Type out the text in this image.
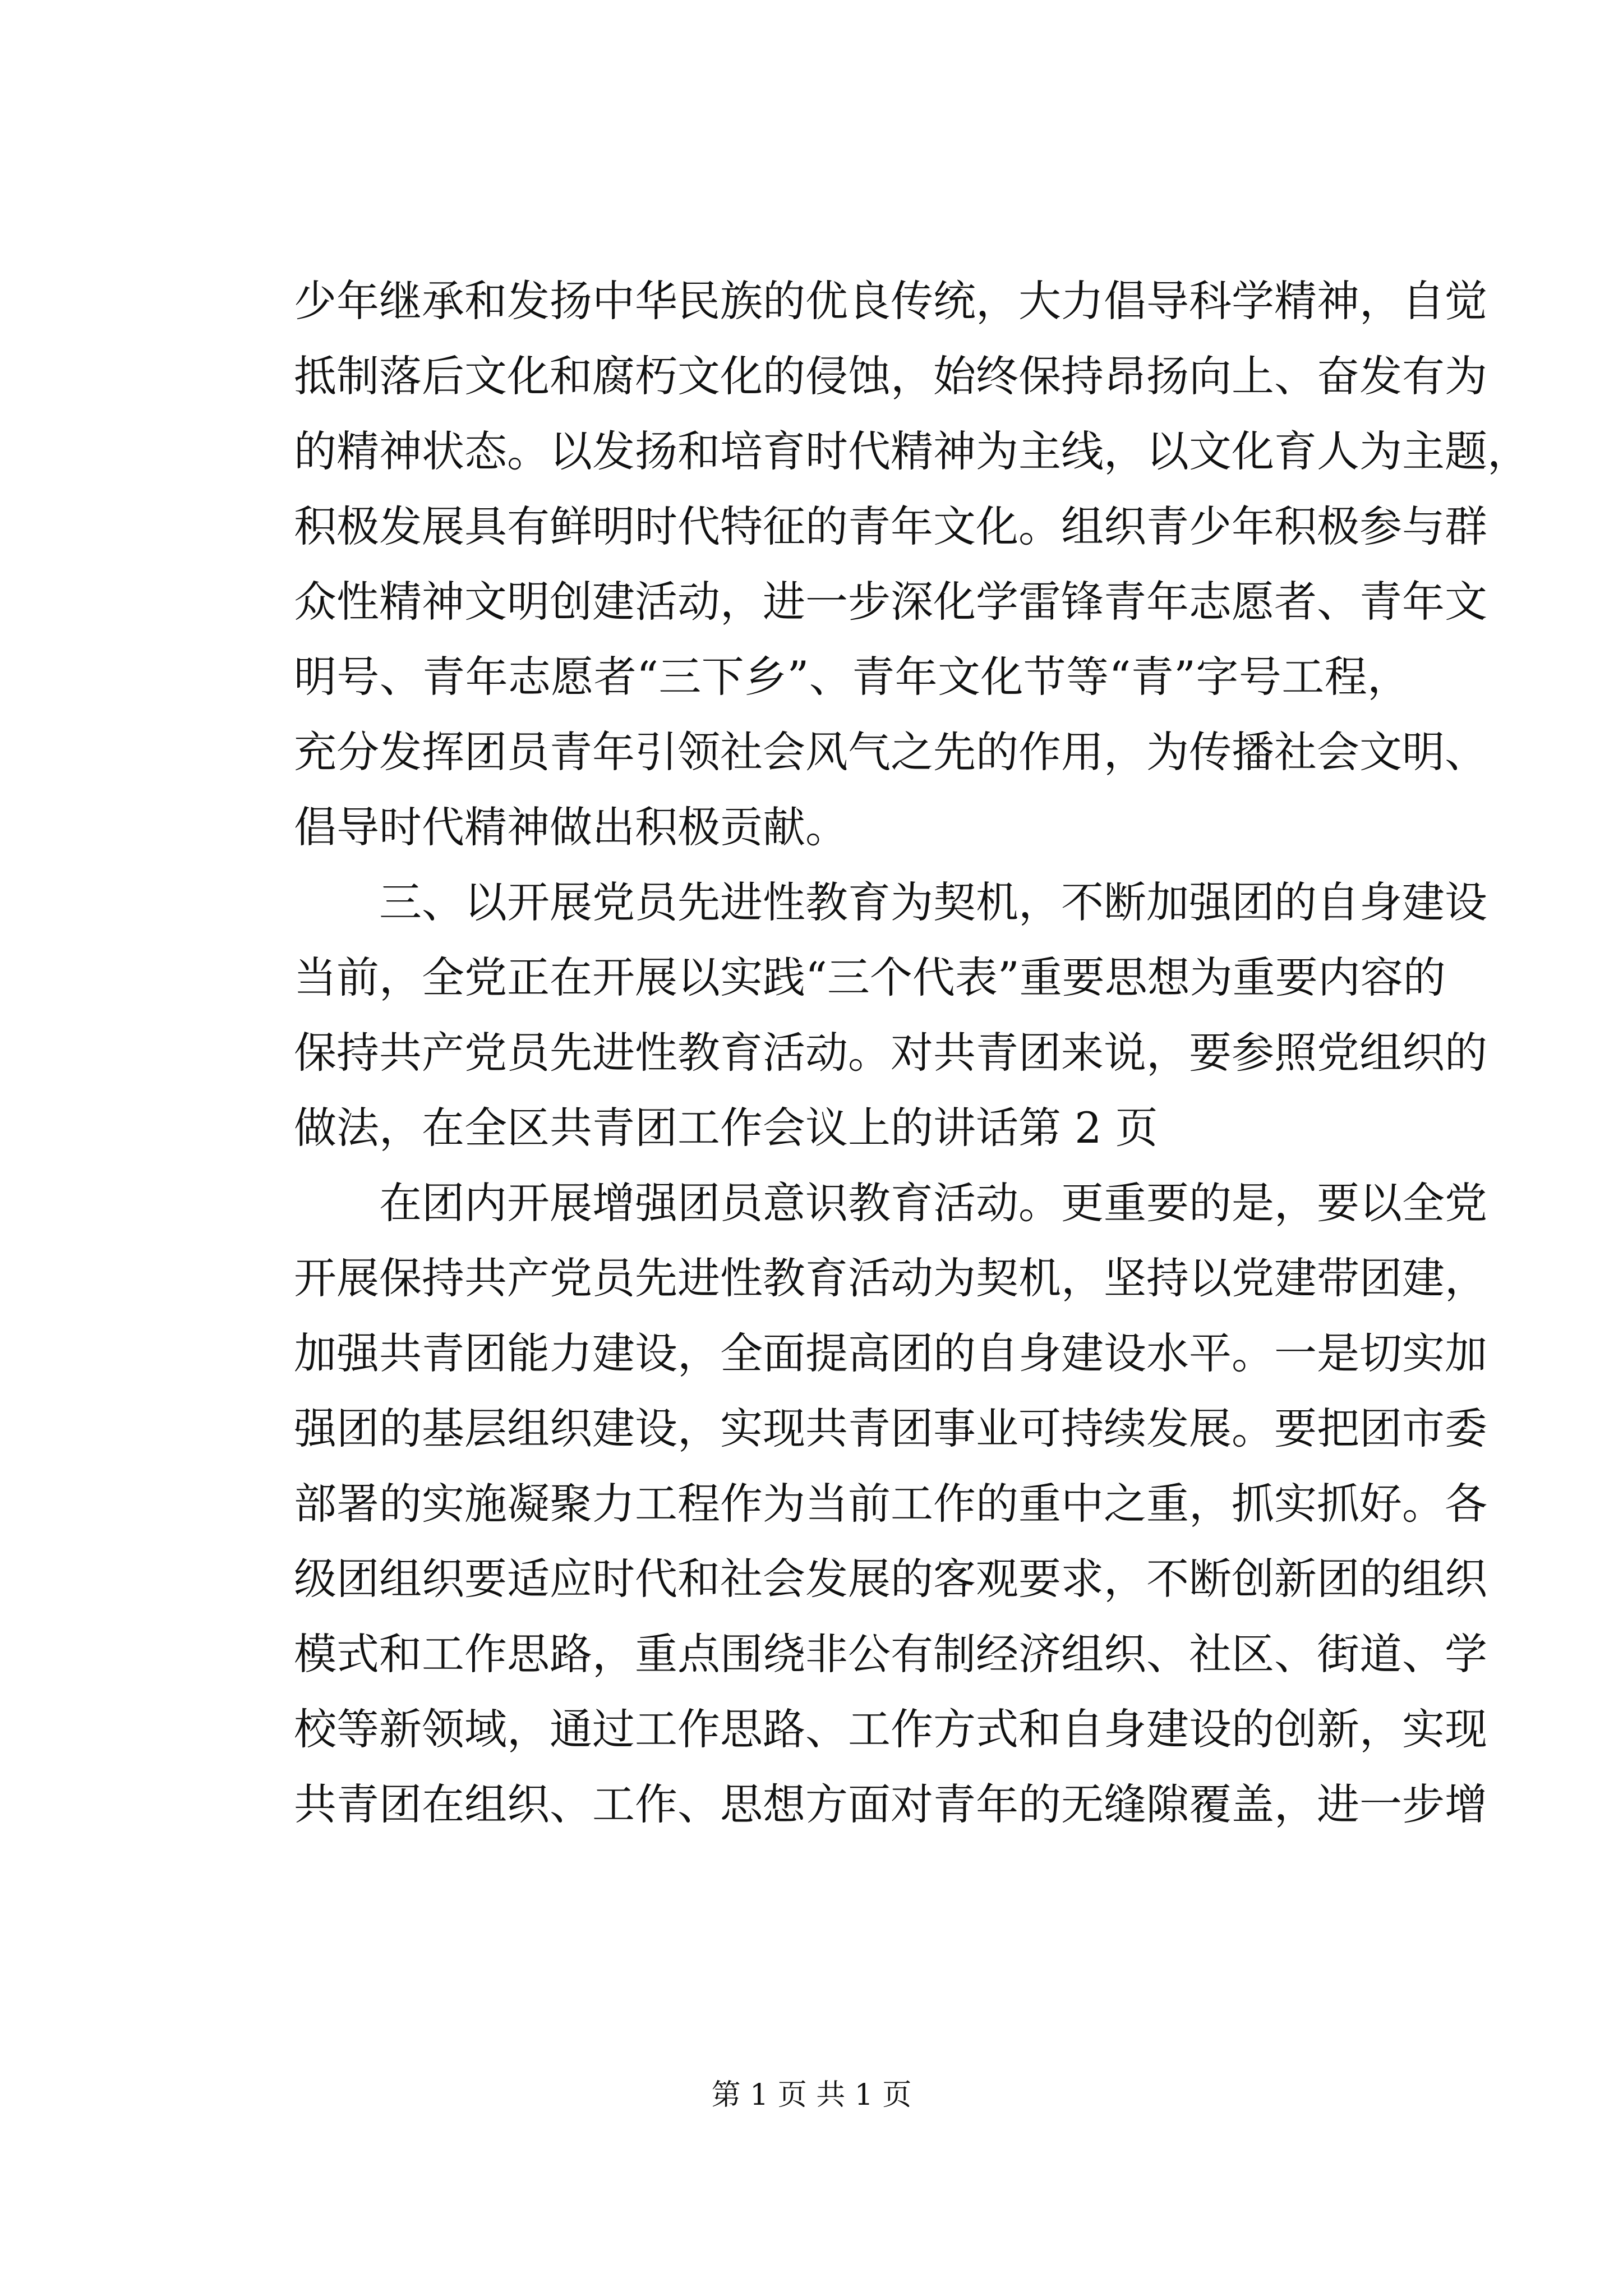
少年继承和发扬中华民族的优良传统，大力倡导科学精神，自觉
抵制落后文化和腐朽文化的侵蚀，始终保持昂扬向上、奋发有为
的精神状态。以发扬和培育时代精神为主线，以文化育人为主题，
积极发展具有鲜明时代特征的青年文化。组织青少年积极参与群
众性精神文明创建活动，进一步深化学雷锋青年志愿者、青年文
明号、青年志愿者“三下乡”、青年文化节等“青”字号工程，
充分发挥团员青年引领社会风气之先的作用，为传播社会文明、
倡导时代精神做出积极贡献。
三、以开展党员先进性教育为契机，不断加强团的自身建设
当前，全党正在开展以实践“三个代表”重要思想为重要内容的
保持共产党员先进性教育活动。对共青团来说，要参照党组织的
做法，在全区共青团工作会议上的讲话第 2 页
在团内开展增强团员意识教育活动。更重要的是，要以全党
开展保持共产党员先进性教育活动为契机，坚持以党建带团建，
加强共青团能力建设，全面提高团的自身建设水平。一是切实加
强团的基层组织建设，实现共青团事业可持续发展。要把团市委
部署的实施凝聚力工程作为当前工作的重中之重，抓实抓好。各
级团组织要适应时代和社会发展的客观要求，不断创新团的组织
模式和工作思路，重点围绕非公有制经济组织、社区、街道、学
校等新领域，通过工作思路、工作方式和自身建设的创新，实现
共青团在组织、工作、思想方面对青年的无缝隙覆盖，进一步增
第 1 页 共 1 页
